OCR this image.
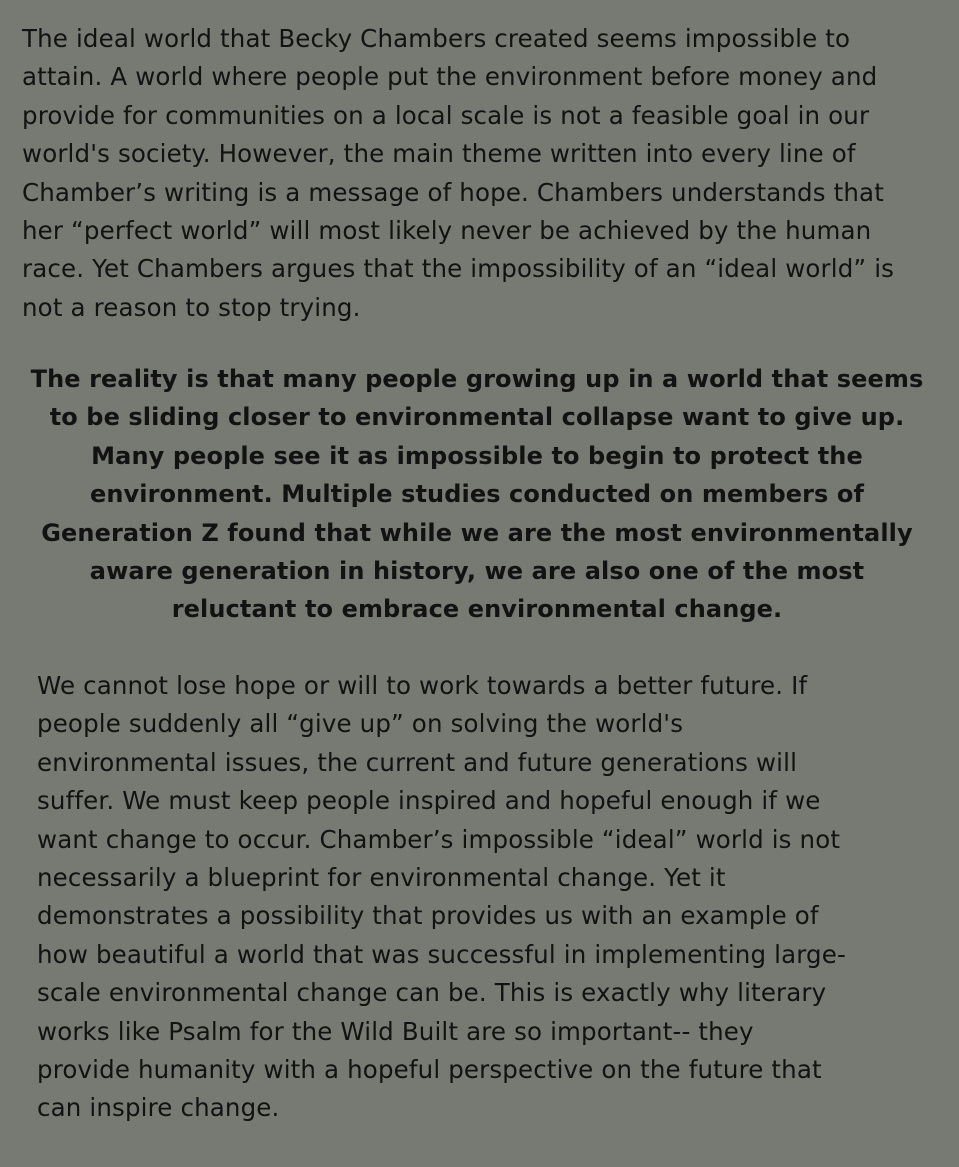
The ideal world that Becky Chambers created seems impossible to
attain. A world where people put the environment before money and
provide for communities on a local scale is not a feasible goal in our
world's society. However, the main theme written into every line of
Chamber’s writing is a message of hope. Chambers understands that
her “perfect world” will most likely never be achieved by the human
race. Yet Chambers argues that the impossibility of an “ideal world” is
not a reason to stop trying.

The reality is that many people growing up in a world that seems
to be sliding closer to environmental collapse want to give up.
Many people see it as impossible to begin to protect the
environment. Multiple studies conducted on members of
Generation Z found that while we are the most environmentally
aware generation in history, we are also one of the most
reluctant to embrace environmental change.

We cannot lose hope or will to work towards a better future. If
people suddenly all “give up” on solving the world's
environmental issues, the current and future generations will
suffer. We must keep people inspired and hopeful enough if we
want change to occur. Chamber’s impossible “ideal” world is not
necessarily a blueprint for environmental change. Yet it
demonstrates a possibility that provides us with an example of
how beautiful a world that was successful in implementing large-
scale environmental change can be. This is exactly why literary
works like Psalm for the Wild Built are so important-- they
provide humanity with a hopeful perspective on the future that
can inspire change.
